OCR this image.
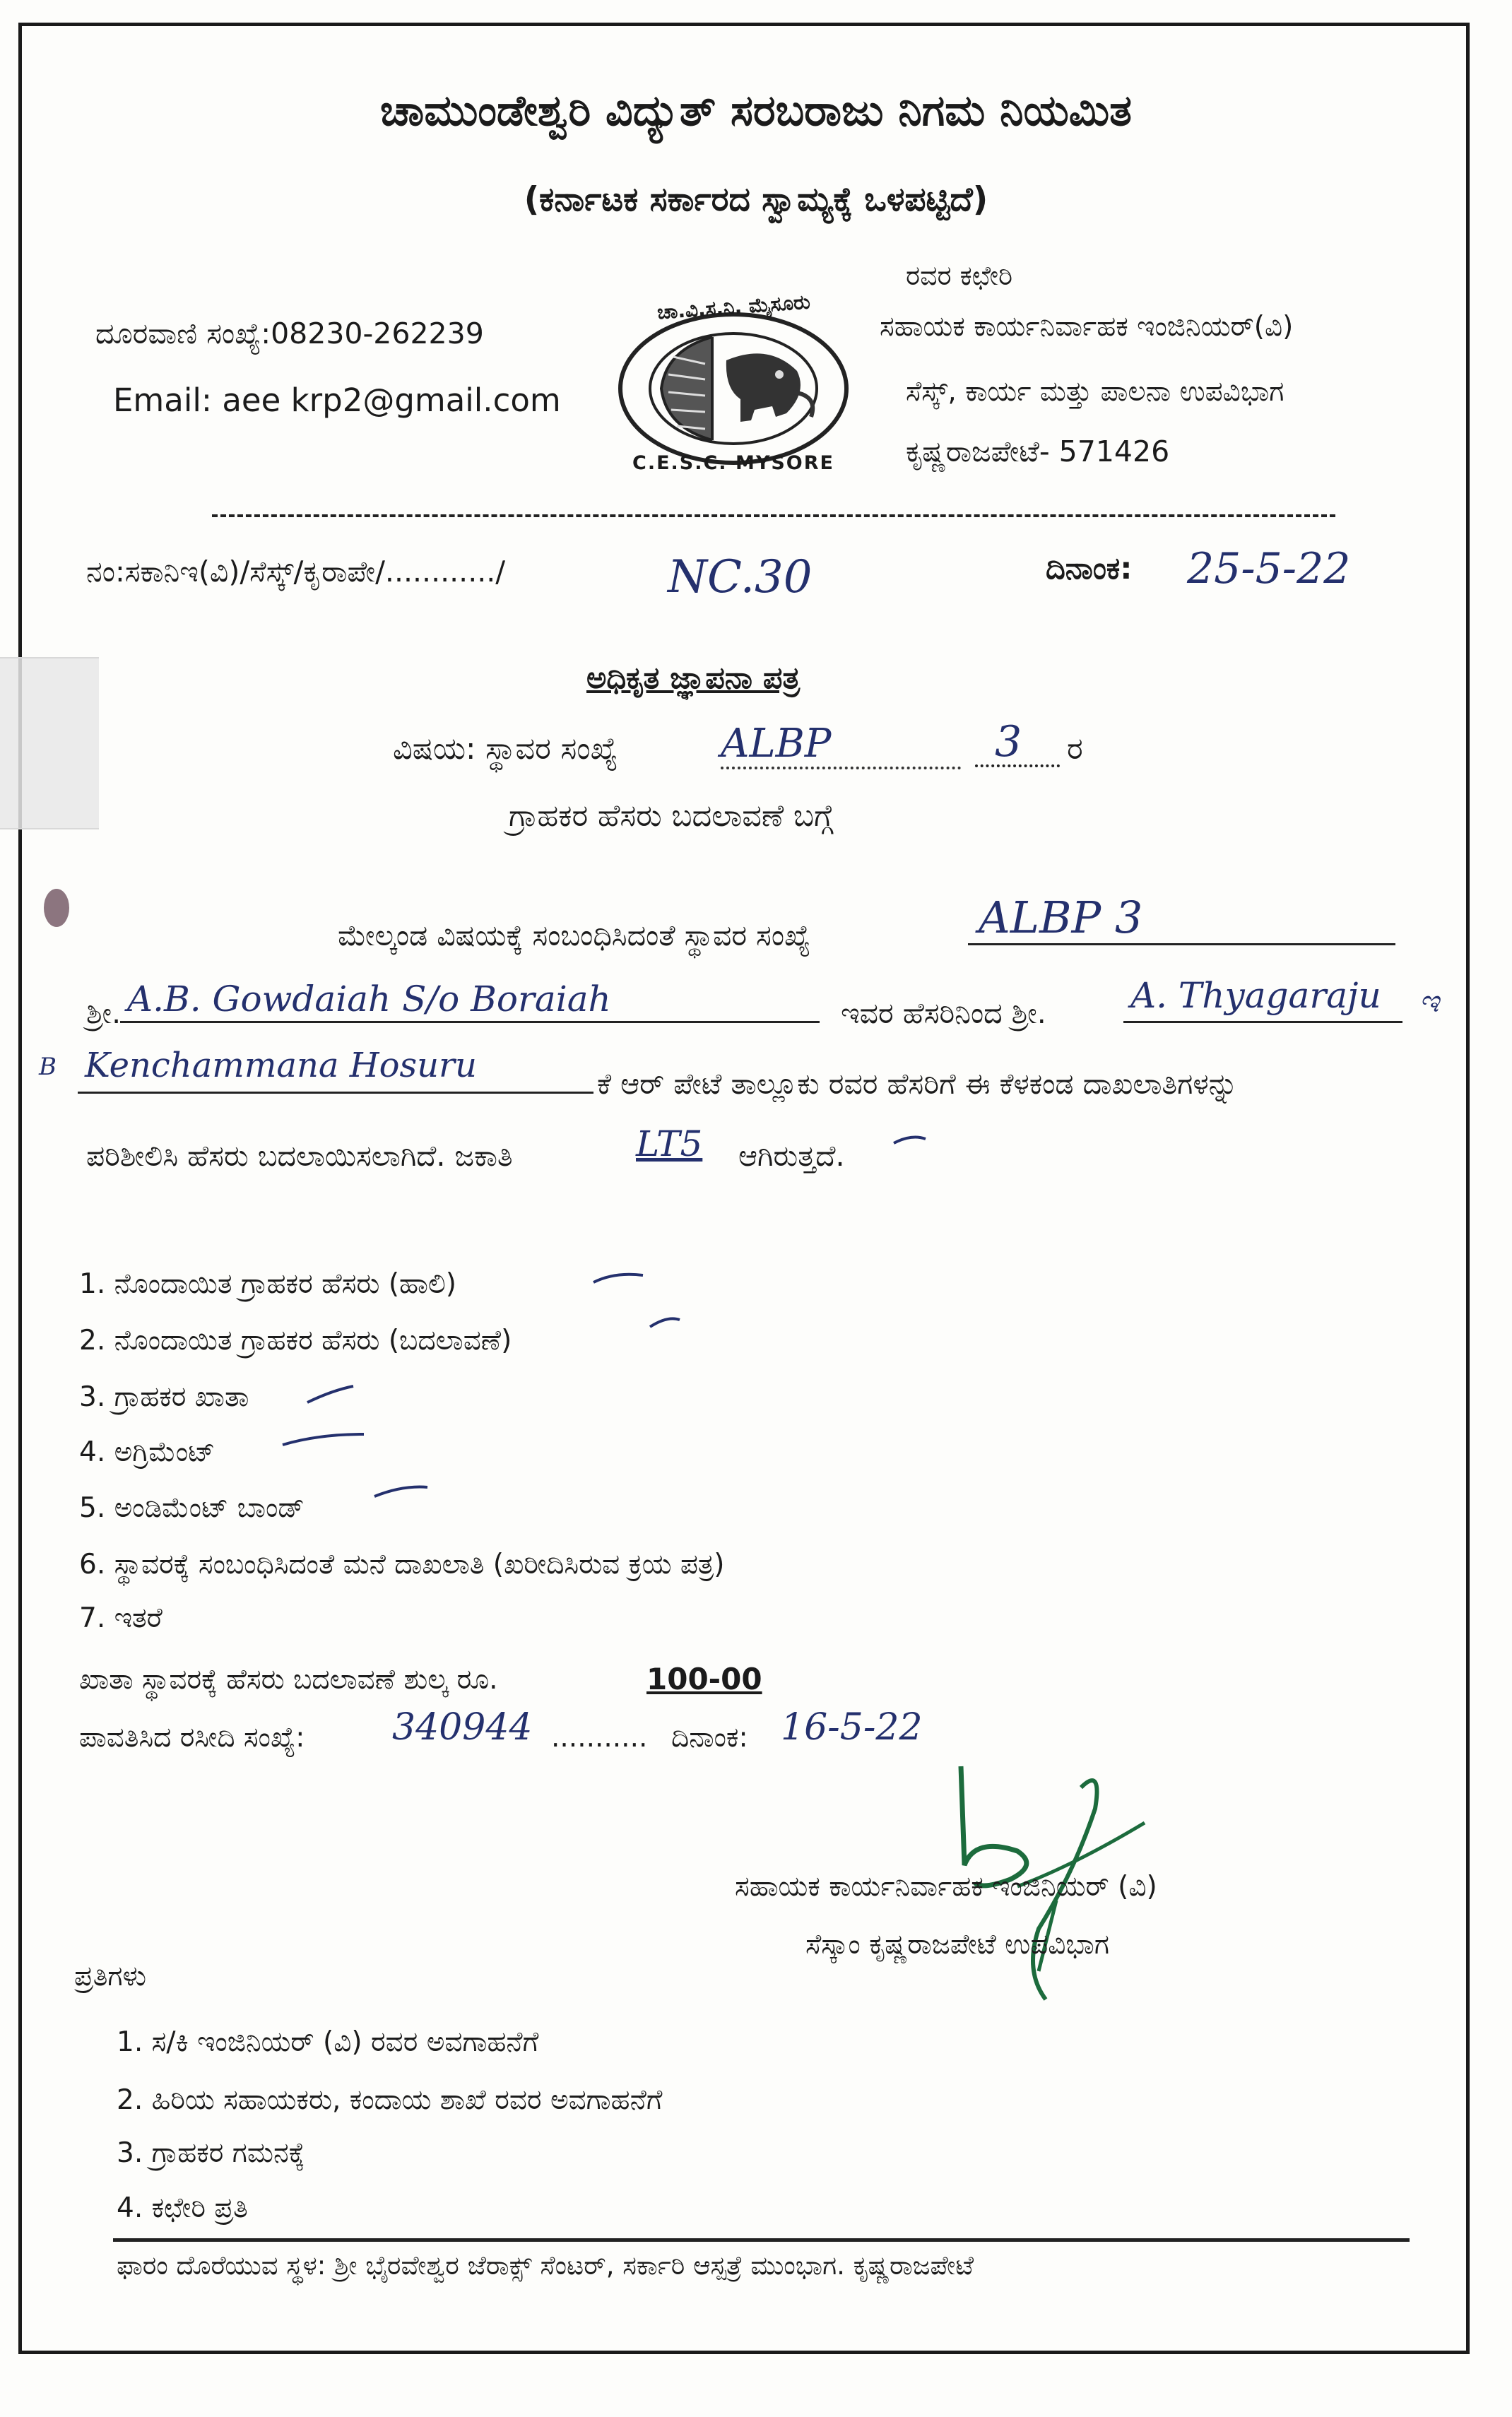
ಚಾಮುಂಡೇಶ್ವರಿ ವಿದ್ಯುತ್ ಸರಬರಾಜು ನಿಗಮ ನಿಯಮಿತ
(ಕರ್ನಾಟಕ ಸರ್ಕಾರದ ಸ್ವಾಮ್ಯಕ್ಕೆ ಒಳಪಟ್ಟಿದೆ)
ದೂರವಾಣಿ ಸಂಖ್ಯೆ:08230-262239
Email: aee krp2@gmail.com
ಚಾ.ವಿ.ಸ.ನಿ. ಮೈಸೂರು
C.E.S.C. MYSORE
ರವರ ಕಛೇರಿ
ಸಹಾಯಕ ಕಾರ್ಯನಿರ್ವಾಹಕ ಇಂಜಿನಿಯರ್(ವಿ)
ಸೆಸ್ಕ್, ಕಾರ್ಯ ಮತ್ತು ಪಾಲನಾ ಉಪವಿಭಾಗ
ಕೃಷ್ಣರಾಜಪೇಟೆ- 571426
ನಂ:ಸಕಾನಿಇ(ವಿ)/ಸೆಸ್ಕ್/ಕೃರಾಪೇ/............/	NC.30	ದಿನಾಂಕ: 25-5-22
ಅಧಿಕೃತ ಜ್ಞಾಪನಾ ಪತ್ರ
ವಿಷಯ: ಸ್ಥಾವರ ಸಂಖ್ಯೆ	ALBP	3 ರ
ಗ್ರಾಹಕರ ಹೆಸರು ಬದಲಾವಣೆ ಬಗ್ಗೆ
ಮೇಲ್ಕಂಡ ವಿಷಯಕ್ಕೆ ಸಂಬಂಧಿಸಿದಂತೆ ಸ್ಥಾವರ ಸಂಖ್ಯೆ	ALBP 3
ಶ್ರೀ. A.B. Gowdaiah S/o Boraiah	ಇವರ ಹೆಸರಿನಿಂದ ಶ್ರೀ. A. Thyagaraju ಇ
B Kenchammana Hosuru	ಕೆ ಆರ್ ಪೇಟೆ ತಾಲ್ಲೂಕು ರವರ ಹೆಸರಿಗೆ ಈ ಕೆಳಕಂಡ ದಾಖಲಾತಿಗಳನ್ನು
ಪರಿಶೀಲಿಸಿ ಹೆಸರು ಬದಲಾಯಿಸಲಾಗಿದೆ. ಜಕಾತಿ	LT5 ಆಗಿರುತ್ತದೆ.
1. ನೊಂದಾಯಿತ ಗ್ರಾಹಕರ ಹೆಸರು (ಹಾಲಿ)
2. ನೊಂದಾಯಿತ ಗ್ರಾಹಕರ ಹೆಸರು (ಬದಲಾವಣೆ)
3. ಗ್ರಾಹಕರ ಖಾತಾ
4. ಅಗ್ರಿಮೆಂಟ್
5. ಅಂಡಿಮೆಂಟ್ ಬಾಂಡ್
6. ಸ್ಥಾವರಕ್ಕೆ ಸಂಬಂಧಿಸಿದಂತೆ ಮನೆ ದಾಖಲಾತಿ (ಖರೀದಿಸಿರುವ ಕ್ರಯ ಪತ್ರ)
7. ಇತರೆ
ಖಾತಾ ಸ್ಥಾವರಕ್ಕೆ ಹೆಸರು ಬದಲಾವಣೆ ಶುಲ್ಕ ರೂ.	100-00
ಪಾವತಿಸಿದ ರಸೀದಿ ಸಂಖ್ಯೆ: 340944 ........... ದಿನಾಂಕ: 16-5-22
ಸಹಾಯಕ ಕಾರ್ಯನಿರ್ವಾಹಕ ಇಂಜಿನಿಯರ್ (ವಿ)
ಸೆಸ್ಕಾಂ ಕೃಷ್ಣರಾಜಪೇಟೆ ಉಪವಿಭಾಗ
ಪ್ರತಿಗಳು
1. ಸ/ಕಿ ಇಂಜಿನಿಯರ್ (ವಿ) ರವರ ಅವಗಾಹನೆಗೆ
2. ಹಿರಿಯ ಸಹಾಯಕರು, ಕಂದಾಯ ಶಾಖೆ ರವರ ಅವಗಾಹನೆಗೆ
3. ಗ್ರಾಹಕರ ಗಮನಕ್ಕೆ
4. ಕಛೇರಿ ಪ್ರತಿ
ಫಾರಂ ದೊರೆಯುವ ಸ್ಥಳ: ಶ್ರೀ ಭೈರವೇಶ್ವರ ಜೆರಾಕ್ಸ್ ಸೆಂಟರ್, ಸರ್ಕಾರಿ ಆಸ್ಪತ್ರೆ ಮುಂಭಾಗ. ಕೃಷ್ಣರಾಜಪೇಟೆ
